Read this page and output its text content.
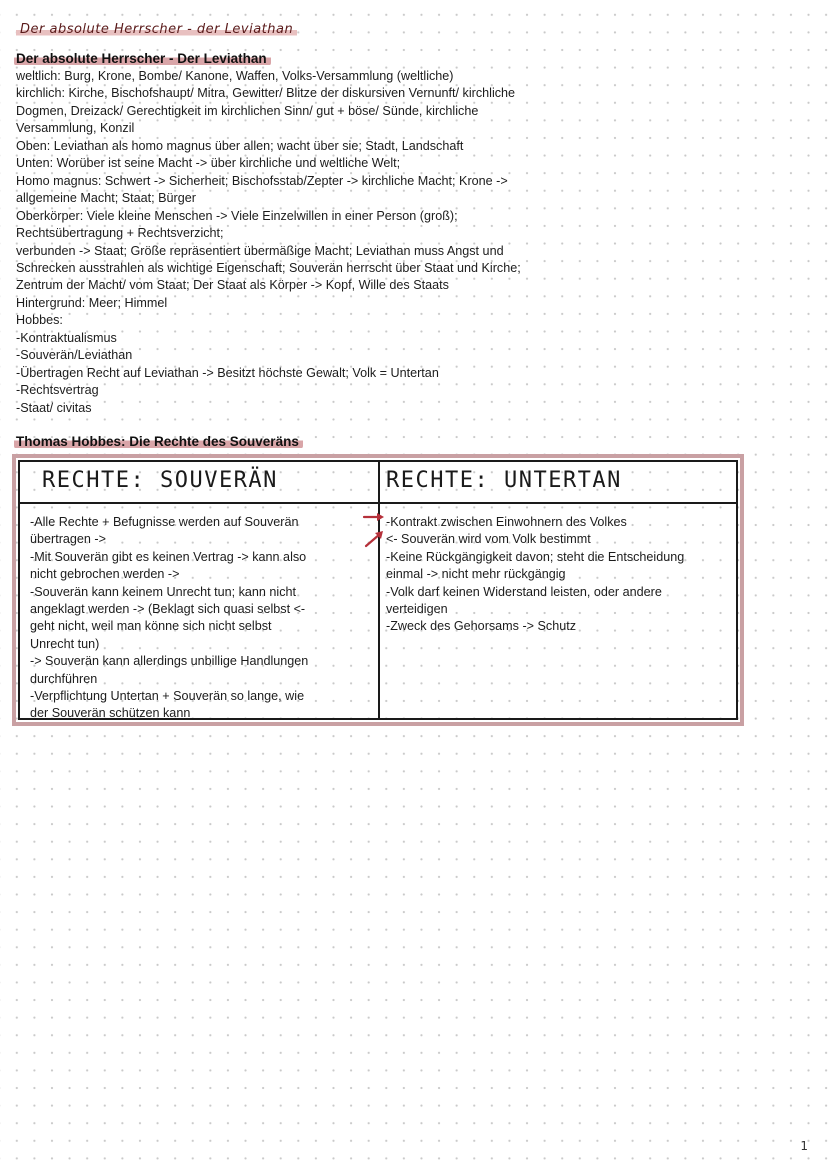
Der absolute Herrscher - der Leviathan
Der absolute Herrscher - Der Leviathan
weltlich: Burg, Krone, Bombe/ Kanone, Waffen, Volks-Versammlung (weltliche)
kirchlich: Kirche, Bischofshaupt/ Mitra, Gewitter/ Blitze der diskursiven Vernunft/ kirchliche
Dogmen, Dreizack/ Gerechtigkeit im kirchlichen Sinn/ gut + böse/ Sünde, kirchliche
Versammlung, Konzil
Oben: Leviathan als homo magnus über allen; wacht über sie; Stadt, Landschaft
Unten: Worüber ist seine Macht -> über kirchliche und weltliche Welt;
Homo magnus: Schwert -> Sicherheit; Bischofsstab/Zepter -> kirchliche Macht; Krone ->
allgemeine Macht; Staat; Bürger
Oberkörper: Viele kleine Menschen -> Viele Einzelwillen in einer Person (groß);
Rechtsübertragung + Rechtsverzicht;
verbunden -> Staat; Größe repräsentiert übermäßige Macht; Leviathan muss Angst und
Schrecken ausstrahlen als wichtige Eigenschaft; Souverän herrscht über Staat und Kirche;
Zentrum der Macht/ vom Staat; Der Staat als Körper -> Kopf, Wille des Staats
Hintergrund: Meer; Himmel
Hobbes:
-Kontraktualismus
-Souverän/Leviathan
-Übertragen Recht auf Leviathan -> Besitzt höchste Gewalt; Volk = Untertan
-Rechtsvertrag
-Staat/ civitas
Thomas Hobbes: Die Rechte des Souveräns
RECHTE: SOUVERÄN	RECHTE: UNTERTAN
-Alle Rechte + Befugnisse werden auf Souverän
übertragen ->
-Mit Souverän gibt es keinen Vertrag -> kann also
nicht gebrochen werden ->
-Souverän kann keinem Unrecht tun; kann nicht
angeklagt werden -> (Beklagt sich quasi selbst <-
geht nicht, weil man könne sich nicht selbst
Unrecht tun)
-> Souverän kann allerdings unbillige Handlungen
durchführen
-Verpflichtung Untertan + Souverän so lange, wie
der Souverän schützen kann
-Kontrakt zwischen Einwohnern des Volkes
<- Souverän wird vom Volk bestimmt
-Keine Rückgängigkeit davon; steht die Entscheidung
einmal -> nicht mehr rückgängig
-Volk darf keinen Widerstand leisten, oder andere
verteidigen
-Zweck des Gehorsams -> Schutz
1
